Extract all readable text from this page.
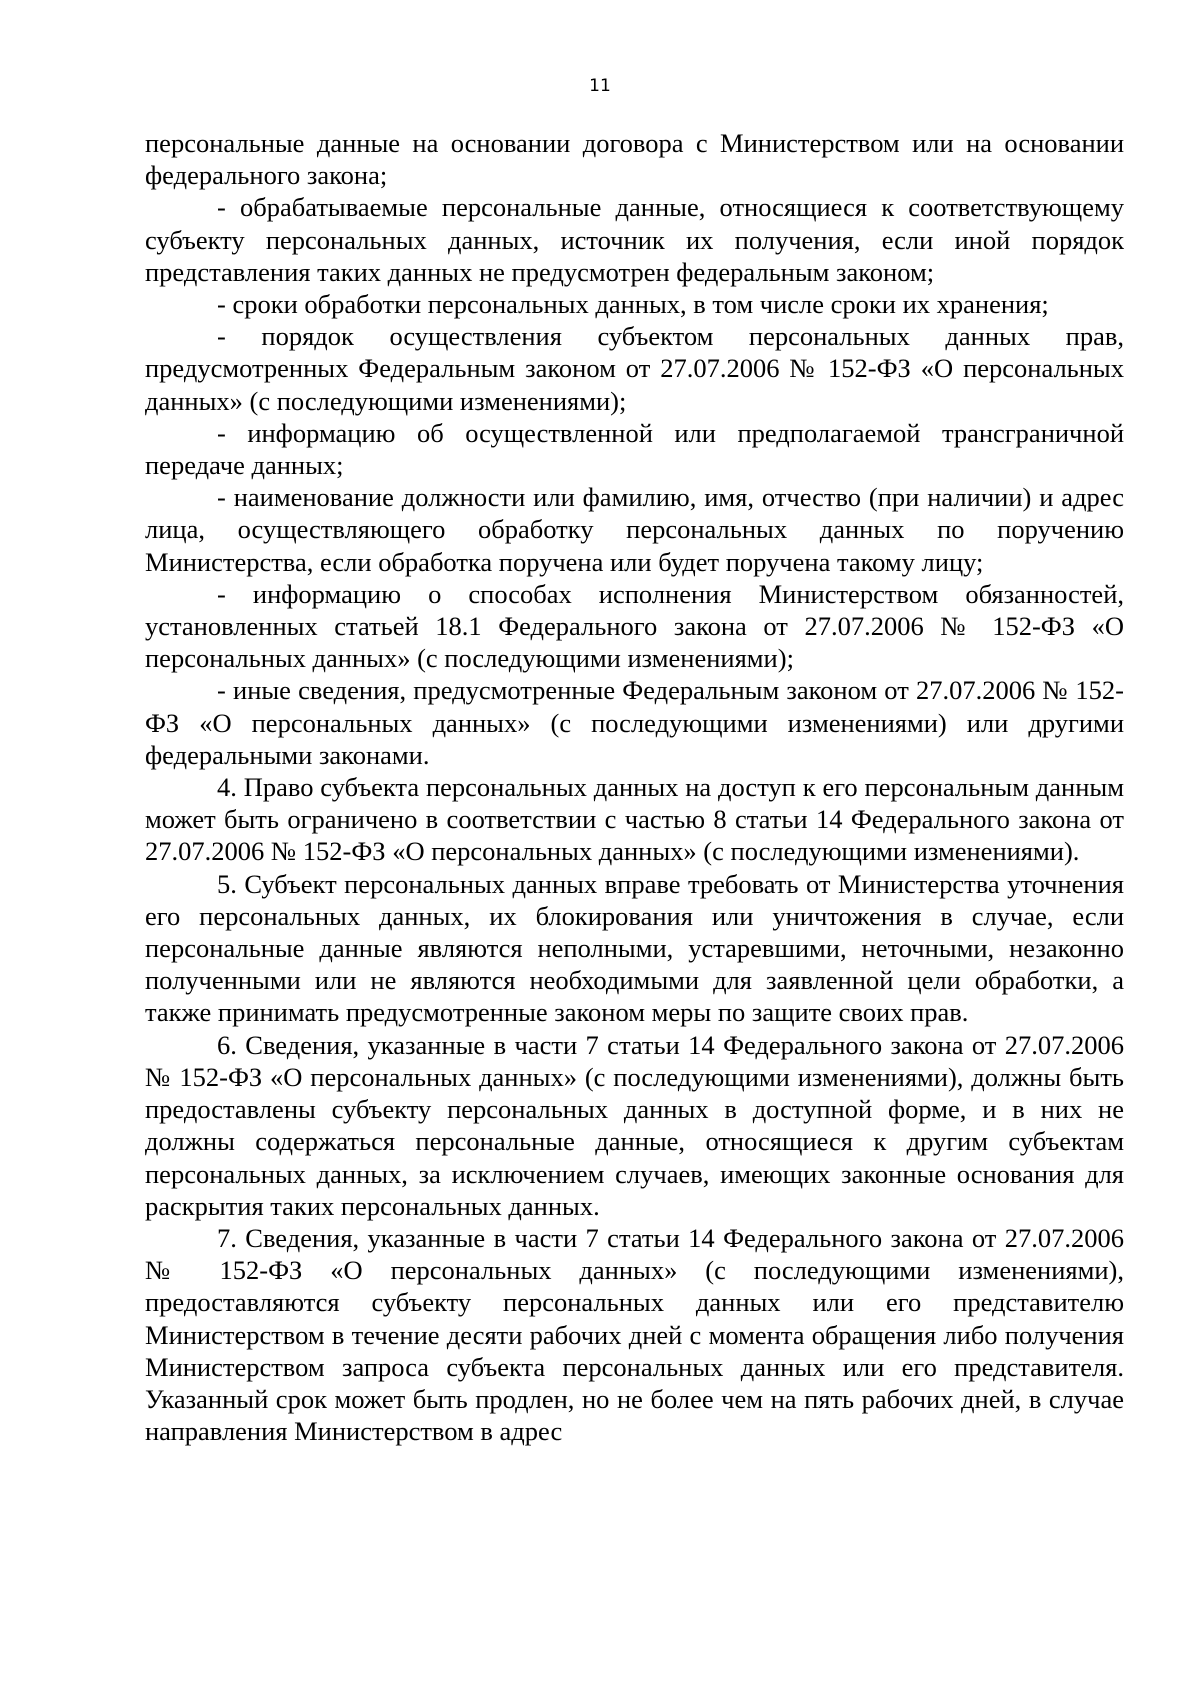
11

персональные данные на основании договора с Министерством или на основании федерального закона;

- обрабатываемые персональные данные, относящиеся к соответствующему субъекту персональных данных, источник их получения, если иной порядок представления таких данных не предусмотрен федеральным законом;

- сроки обработки персональных данных, в том числе сроки их хранения;

- порядок осуществления субъектом персональных данных прав, предусмотренных Федеральным законом от 27.07.2006 № 152-ФЗ «О персональных данных» (с последующими изменениями);

- информацию об осуществленной или предполагаемой трансграничной передаче данных;

- наименование должности или фамилию, имя, отчество (при наличии) и адрес лица, осуществляющего обработку персональных данных по поручению Министерства, если обработка поручена или будет поручена такому лицу;

- информацию о способах исполнения Министерством обязанностей, установленных статьей 18.1 Федерального закона от 27.07.2006 № 152-ФЗ «О персональных данных» (с последующими изменениями);

- иные сведения, предусмотренные Федеральным законом от 27.07.2006 № 152-ФЗ «О персональных данных» (с последующими изменениями) или другими федеральными законами.

4. Право субъекта персональных данных на доступ к его персональным данным может быть ограничено в соответствии с частью 8 статьи 14 Федерального закона от 27.07.2006 № 152-ФЗ «О персональных данных» (с последующими изменениями).

5. Субъект персональных данных вправе требовать от Министерства уточнения его персональных данных, их блокирования или уничтожения в случае, если персональные данные являются неполными, устаревшими, неточными, незаконно полученными или не являются необходимыми для заявленной цели обработки, а также принимать предусмотренные законом меры по защите своих прав.

6. Сведения, указанные в части 7 статьи 14 Федерального закона от 27.07.2006 № 152-ФЗ «О персональных данных» (с последующими изменениями), должны быть предоставлены субъекту персональных данных в доступной форме, и в них не должны содержаться персональные данные, относящиеся к другим субъектам персональных данных, за исключением случаев, имеющих законные основания для раскрытия таких персональных данных.

7. Сведения, указанные в части 7 статьи 14 Федерального закона от 27.07.2006 № 152-ФЗ «О персональных данных» (с последующими изменениями), предоставляются субъекту персональных данных или его представителю Министерством в течение десяти рабочих дней с момента обращения либо получения Министерством запроса субъекта персональных данных или его представителя. Указанный срок может быть продлен, но не более чем на пять рабочих дней, в случае направления Министерством в адрес
